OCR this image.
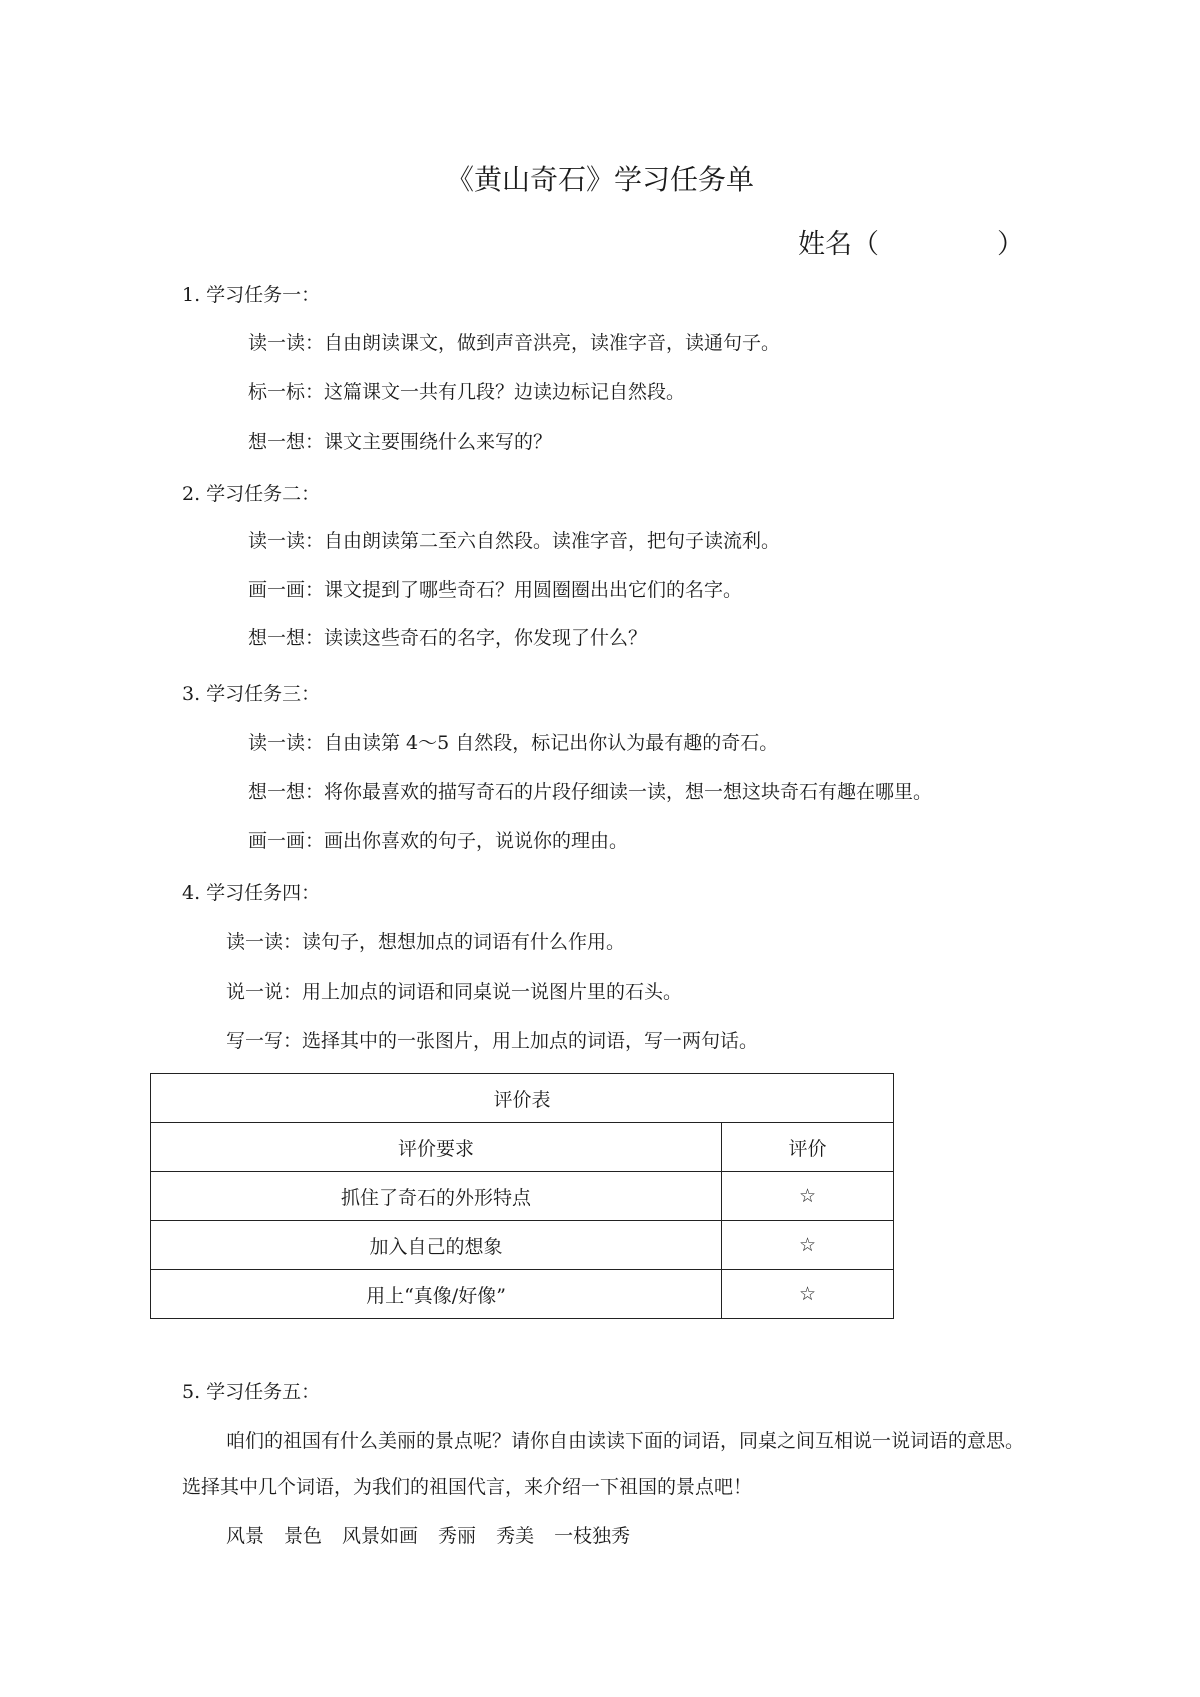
《黄山奇石》学习任务单
姓名（	）
1. 学习任务一：
读一读：自由朗读课文，做到声音洪亮，读准字音，读通句子。
标一标：这篇课文一共有几段？边读边标记自然段。
想一想：课文主要围绕什么来写的？
2. 学习任务二：
读一读：自由朗读第二至六自然段。读准字音，把句子读流利。
画一画：课文提到了哪些奇石？用圆圈圈出出它们的名字。
想一想：读读这些奇石的名字，你发现了什么？
3. 学习任务三：
读一读：自由读第 4～5 自然段，标记出你认为最有趣的奇石。
想一想：将你最喜欢的描写奇石的片段仔细读一读，想一想这块奇石有趣在哪里。
画一画：画出你喜欢的句子，说说你的理由。
4. 学习任务四：
读一读：读句子，想想加点的词语有什么作用。
说一说：用上加点的词语和同桌说一说图片里的石头。
写一写：选择其中的一张图片，用上加点的词语，写一两句话。
评价表	
评价要求	评价
抓住了奇石的外形特点	☆
加入自己的想象	☆
用上“真像/好像”	☆
5. 学习任务五：
咱们的祖国有什么美丽的景点呢？请你自由读读下面的词语，同桌之间互相说一说词语的意思。选择其中几个词语，为我们的祖国代言，来介绍一下祖国的景点吧！
风景 景色 风景如画 秀丽 秀美 一枝独秀
